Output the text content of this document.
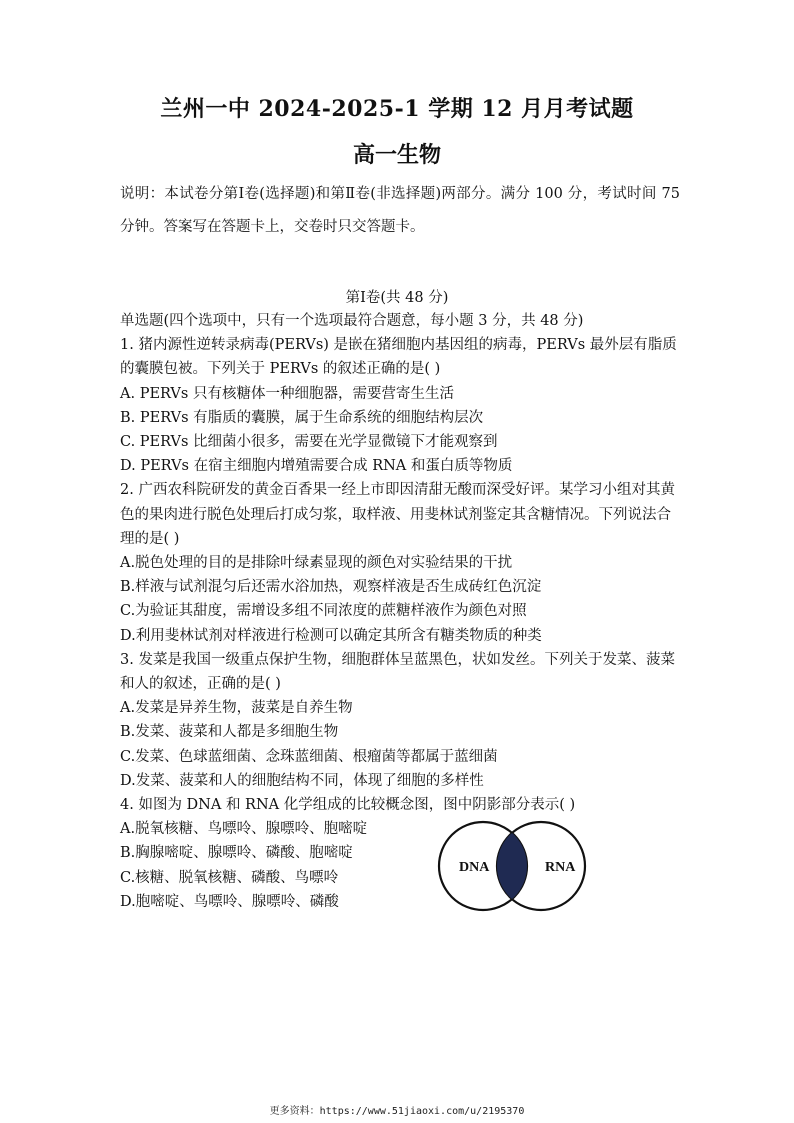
兰州一中 2024-2025-1 学期 12 月月考试题
高一生物
说明：本试卷分第Ⅰ卷(选择题)和第Ⅱ卷(非选择题)两部分。满分 100 分，考试时间 75 分钟。答案写在答题卡上，交卷时只交答题卡。
第Ⅰ卷(共 48 分)

单选题(四个选项中，只有一个选项最符合题意，每小题 3 分，共 48 分)

1. 猪内源性逆转录病毒(PERVs) 是嵌在猪细胞内基因组的病毒，PERVs 最外层有脂质的囊膜包被。下列关于 PERVs 的叙述正确的是( )

A. PERVs 只有核糖体一种细胞器，需要营寄生生活

B. PERVs 有脂质的囊膜，属于生命系统的细胞结构层次

C. PERVs 比细菌小很多，需要在光学显微镜下才能观察到

D. PERVs 在宿主细胞内增殖需要合成 RNA 和蛋白质等物质

2. 广西农科院研发的黄金百香果一经上市即因清甜无酸而深受好评。某学习小组对其黄色的果肉进行脱色处理后打成匀浆，取样液、用斐林试剂鉴定其含糖情况。下列说法合理的是( )

A.脱色处理的目的是排除叶绿素显现的颜色对实验结果的干扰

B.样液与试剂混匀后还需水浴加热，观察样液是否生成砖红色沉淀

C.为验证其甜度，需增设多组不同浓度的蔗糖样液作为颜色对照

D.利用斐林试剂对样液进行检测可以确定其所含有糖类物质的种类

3. 发菜是我国一级重点保护生物，细胞群体呈蓝黑色，状如发丝。下列关于发菜、菠菜和人的叙述，正确的是( )

A.发菜是异养生物，菠菜是自养生物

B.发菜、菠菜和人都是多细胞生物

C.发菜、色球蓝细菌、念珠蓝细菌、根瘤菌等都属于蓝细菌

D.发菜、菠菜和人的细胞结构不同，体现了细胞的多样性

4. 如图为 DNA 和 RNA 化学组成的比较概念图，图中阴影部分表示( )

A.脱氧核糖、鸟嘌呤、腺嘌呤、胞嘧啶

B.胸腺嘧啶、腺嘌呤、磷酸、胞嘧啶

C.核糖、脱氧核糖、磷酸、鸟嘌呤

D.胞嘧啶、鸟嘌呤、腺嘌呤、磷酸

DNA	RNA
更多资料：https://www.51jiaoxi.com/u/2195370
